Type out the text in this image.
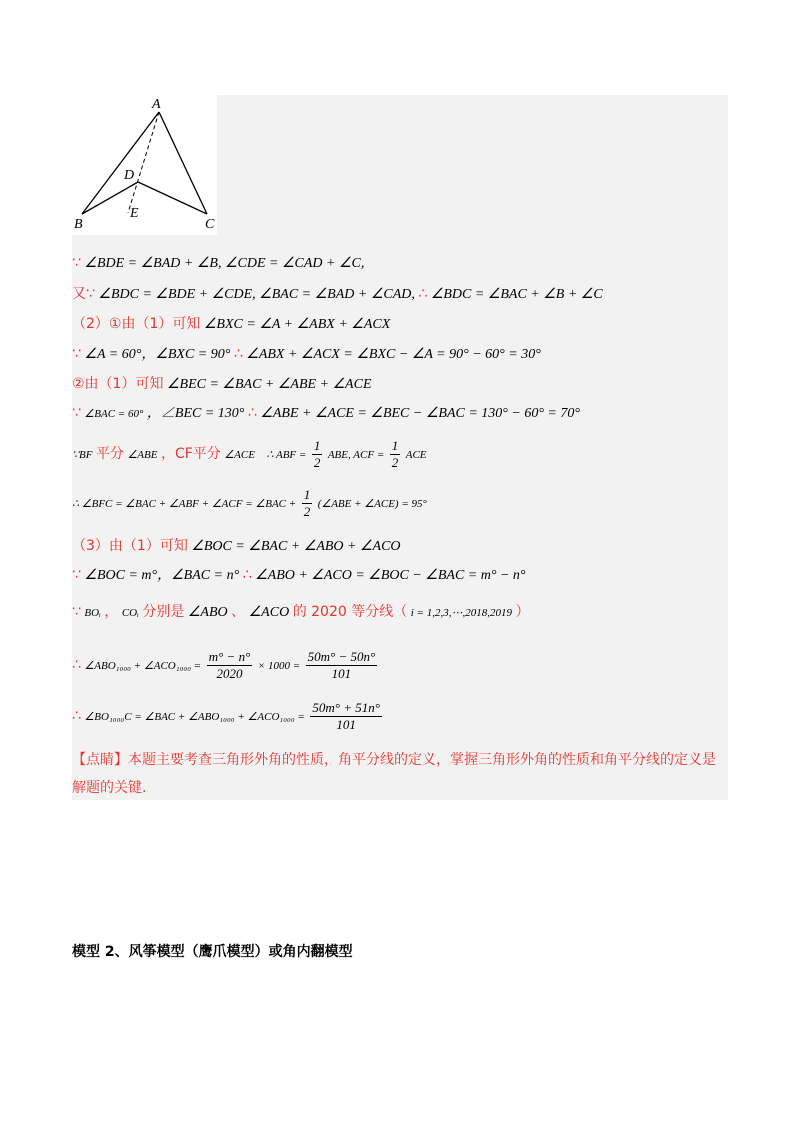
A
B	C
D
E
∵ ∠BDE = ∠BAD + ∠B, ∠CDE = ∠CAD + ∠C,
又∵ ∠BDC = ∠BDE + ∠CDE, ∠BAC = ∠BAD + ∠CAD, ∴ ∠BDC = ∠BAC + ∠B + ∠C
（2）①由（1）可知 ∠BXC = ∠A + ∠ABX + ∠ACX
∵ ∠A = 60°，∠BXC = 90° ∴ ∠ABX + ∠ACX = ∠BXC − ∠A = 90° − 60° = 30°
②由（1）可知 ∠BEC = ∠BAC + ∠ABE + ∠ACE
∵ ∠BAC = 60° ，∠BEC = 130° ∴ ∠ABE + ∠ACE = ∠BEC − ∠BAC = 130° − 60° = 70°
∵BF 平分 ∠ABE ，CF平分 ∠ACE ∴ ABF = $\frac{1}{2}$ ABE, ACF = $\frac{1}{2}$ ACE
∴ ∠BFC = ∠BAC + ∠ABF + ∠ACF = ∠BAC + $\frac{1}{2}$ (∠ABE + ∠ACE) = 95°
（3）由（1）可知 ∠BOC = ∠BAC + ∠ABO + ∠ACO
∵ ∠BOC = m°，∠BAC = n° ∴ ∠ABO + ∠ACO = ∠BOC − ∠BAC = m° − n°
∵ BOᵢ ， COᵢ 分别是 ∠ABO 、 ∠ACO 的 2020 等分线（ i = 1,2,3,⋯,2018,2019 ）
∴ ∠ABO₁₀₀₀ + ∠ACO₁₀₀₀ = $\frac{m^\circ - n^\circ}{2020} \times 1000 = \frac{50m^\circ - 50n^\circ}{101}$
∴ ∠BO₁₀₀₀C = ∠BAC + ∠ABO₁₀₀₀ + ∠ACO₁₀₀₀ = $\frac{50m^\circ + 51n^\circ}{101}$
【点睛】本题主要考查三角形外角的性质，角平分线的定义，掌握三角形外角的性质和角平分线的定义是解题的关键.
模型 2、风筝模型（鹰爪模型）或角内翻模型
